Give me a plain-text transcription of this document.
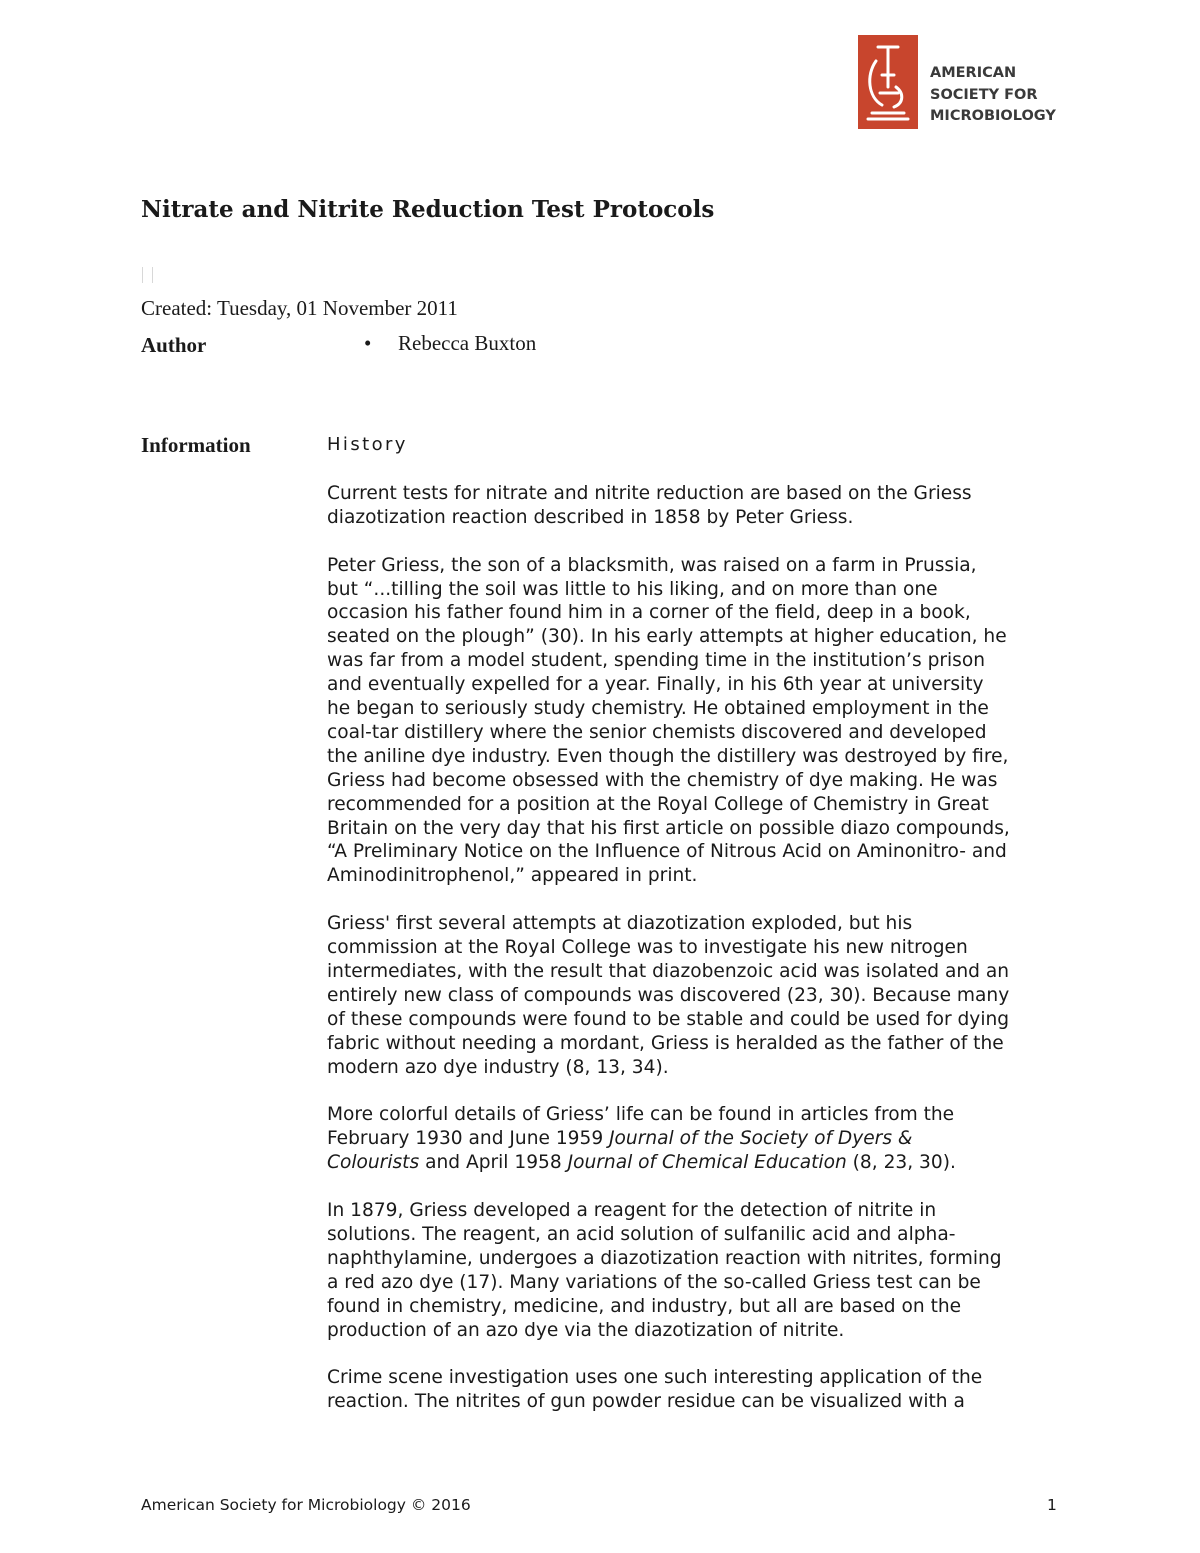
AMERICAN
SOCIETY FOR
MICROBIOLOGY
Nitrate and Nitrite Reduction Test Protocols
Created: Tuesday, 01 November 2011
Author	• Rebecca Buxton
Information	History

Current tests for nitrate and nitrite reduction are based on the Griess
diazotization reaction described in 1858 by Peter Griess.

Peter Griess, the son of a blacksmith, was raised on a farm in Prussia,
but “...tilling the soil was little to his liking, and on more than one
occasion his father found him in a corner of the field, deep in a book,
seated on the plough” (30). In his early attempts at higher education, he
was far from a model student, spending time in the institution’s prison
and eventually expelled for a year. Finally, in his 6th year at university
he began to seriously study chemistry. He obtained employment in the
coal-tar distillery where the senior chemists discovered and developed
the aniline dye industry. Even though the distillery was destroyed by fire,
Griess had become obsessed with the chemistry of dye making. He was
recommended for a position at the Royal College of Chemistry in Great
Britain on the very day that his first article on possible diazo compounds,
“A Preliminary Notice on the Influence of Nitrous Acid on Aminonitro- and
Aminodinitrophenol,” appeared in print.

Griess' first several attempts at diazotization exploded, but his
commission at the Royal College was to investigate his new nitrogen
intermediates, with the result that diazobenzoic acid was isolated and an
entirely new class of compounds was discovered (23, 30). Because many
of these compounds were found to be stable and could be used for dying
fabric without needing a mordant, Griess is heralded as the father of the
modern azo dye industry (8, 13, 34).

More colorful details of Griess’ life can be found in articles from the
February 1930 and June 1959 Journal of the Society of Dyers &
Colourists and April 1958 Journal of Chemical Education (8, 23, 30).

In 1879, Griess developed a reagent for the detection of nitrite in
solutions. The reagent, an acid solution of sulfanilic acid and alpha-
naphthylamine, undergoes a diazotization reaction with nitrites, forming
a red azo dye (17). Many variations of the so-called Griess test can be
found in chemistry, medicine, and industry, but all are based on the
production of an azo dye via the diazotization of nitrite.

Crime scene investigation uses one such interesting application of the
reaction. The nitrites of gun powder residue can be visualized with a

American Society for Microbiology © 2016	1
